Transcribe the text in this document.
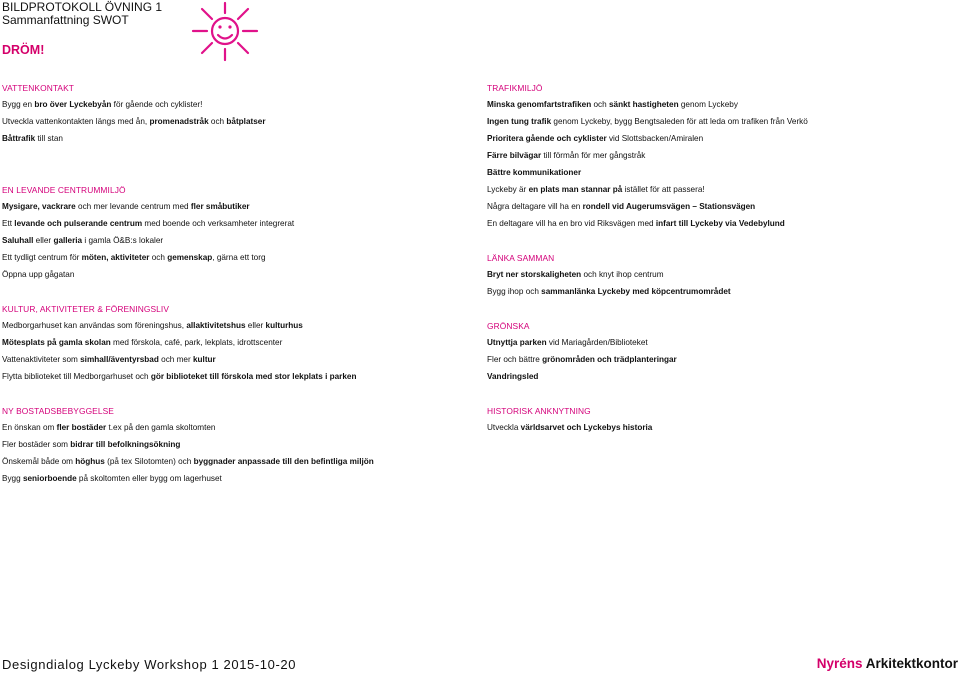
BILDPROTOKOLL ÖVNING 1
Sammanfattning SWOT
DRÖM!
VATTENKONTAKT
Bygg en bro över Lyckebyån för gående och cyklister!
Utveckla vattenkontakten längs med ån, promenadstråk och båtplatser
Båttrafik till stan
EN LEVANDE CENTRUMMILJÖ
Mysigare, vackrare och mer levande centrum med fler småbutiker
Ett levande och pulserande centrum med boende och verksamheter integrerat
Saluhall eller galleria i gamla Ö&B:s lokaler
Ett tydligt centrum för möten, aktiviteter och gemenskap, gärna ett torg
Öppna upp gågatan
KULTUR, AKTIVITETER & FÖRENINGSLIV
Medborgarhuset kan användas som föreningshus, allaktivitetshus eller kulturhus
Mötesplats på gamla skolan med förskola, café, park, lekplats, idrottscenter
Vattenaktiviteter som simhall/äventyrsbad och mer kultur
Flytta biblioteket till Medborgarhuset och gör biblioteket till förskola med stor lekplats i parken
NY BOSTADSBEBYGGELSE
En önskan om fler bostäder t.ex på den gamla skoltomten
Fler bostäder som bidrar till befolkningsökning
Önskemål både om höghus (på tex Silotomten) och byggnader anpassade till den befintliga miljön
Bygg seniorboende på skoltomten eller bygg om lagerhuset
TRAFIKMILJÖ
Minska genomfartstrafiken och sänkt hastigheten genom Lyckeby
Ingen tung trafik genom Lyckeby, bygg Bengtsaleden för att leda om trafiken från Verkö
Prioritera gående och cyklister vid Slottsbacken/Amiralen
Färre bilvägar till förmån för mer gångstråk
Bättre kommunikationer
Lyckeby är en plats man stannar på istället för att passera!
Några deltagare vill ha en rondell vid Augerumsvägen – Stationsvägen
En deltagare vill ha en bro vid Riksvägen med infart till Lyckeby via Vedebylund
LÄNKA SAMMAN
Bryt ner storskaligheten och knyt ihop centrum
Bygg ihop och sammanlänka Lyckeby med köpcentrumområdet
GRÖNSKA
Utnyttja parken vid Mariagården/Biblioteket
Fler och bättre grönområden och trädplanteringar
Vandringsled
HISTORISK ANKNYTNING
Utveckla världsarvet och Lyckebys historia
Designdialog Lyckeby Workshop 1 2015-10-20	Nyréns Arkitektkontor
